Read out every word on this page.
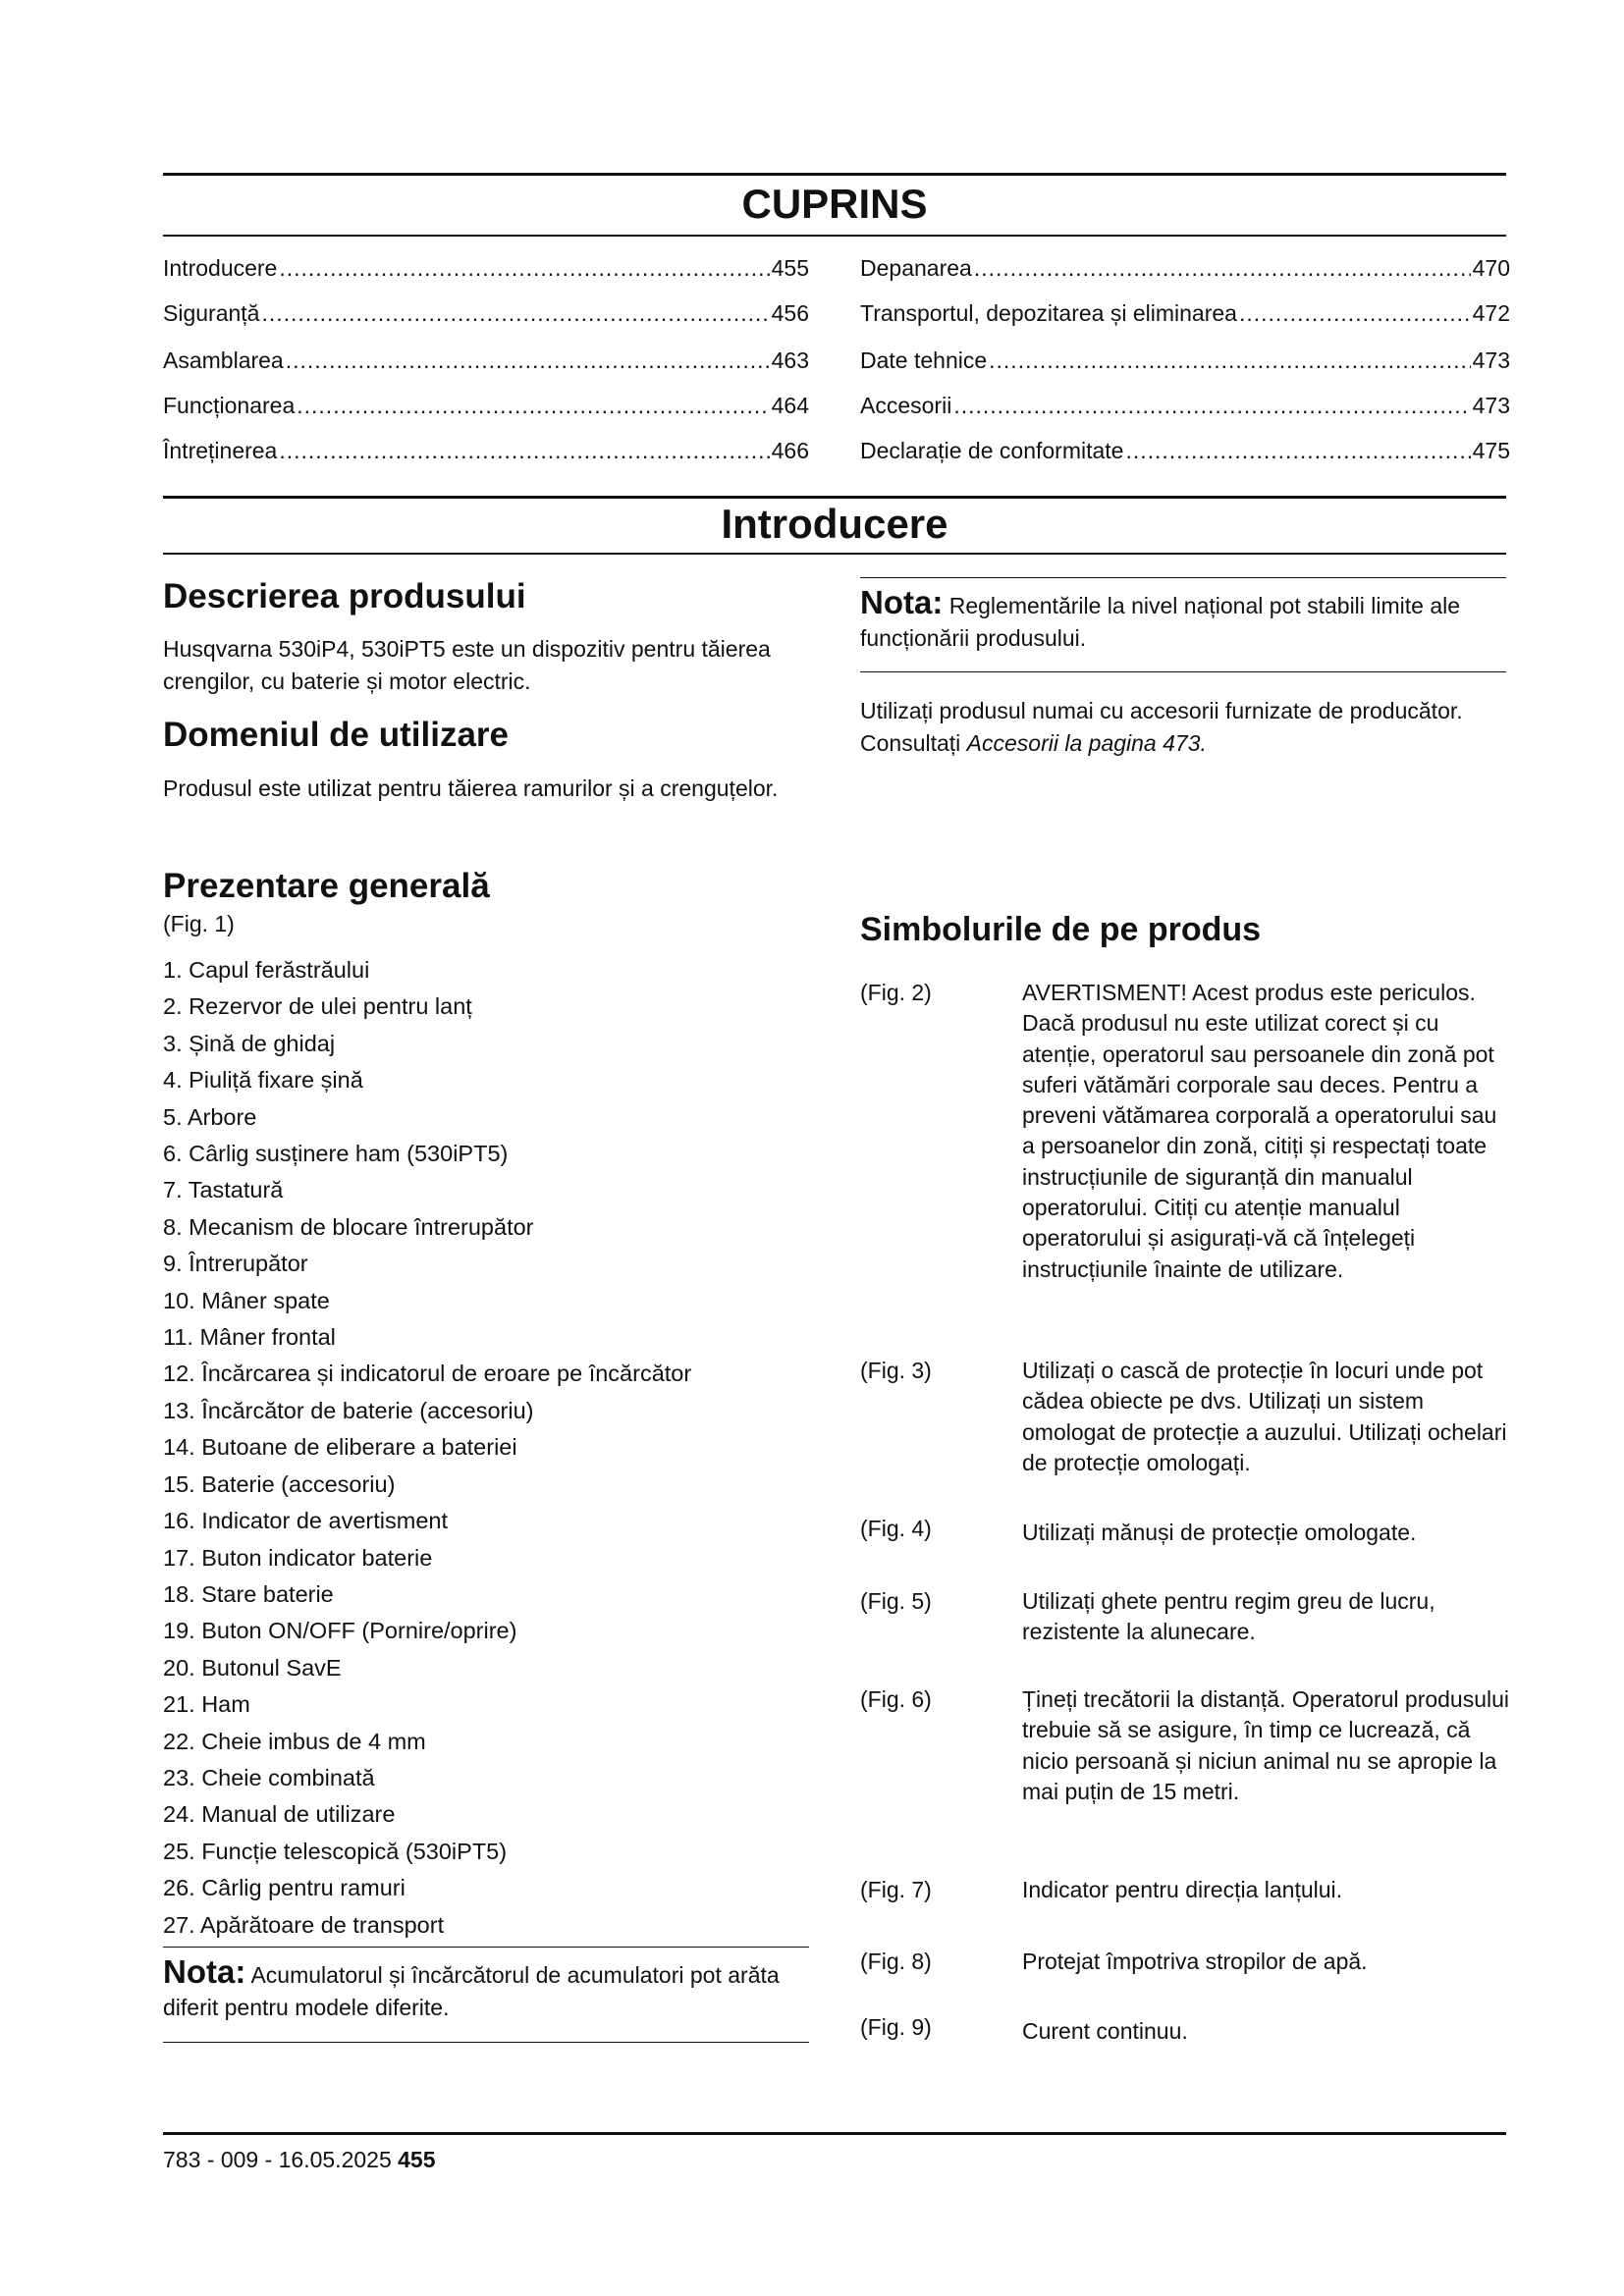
CUPRINS
Introducere .....	455
Siguranță .....	456
Asamblarea .....	463
Funcționarea .....	464
Întreținerea .....	466
Depanarea .....	470
Transportul, depozitarea și eliminarea .....	472
Date tehnice .....	473
Accesorii .....	473
Declarație de conformitate .....	475
Introducere
Descrierea produsului
Husqvarna 530iP4, 530iPT5 este un dispozitiv pentru tăierea crengilor, cu baterie și motor electric.
Domeniul de utilizare
Produsul este utilizat pentru tăierea ramurilor și a crenguțelor.
Prezentare generală
(Fig. 1)
1. Capul ferăstrăului
2. Rezervor de ulei pentru lanț
3. Șină de ghidaj
4. Piuliță fixare șină
5. Arbore
6. Cârlig susținere ham (530iPT5)
7. Tastatură
8. Mecanism de blocare întrerupător
9. Întrerupător
10. Mâner spate
11. Mâner frontal
12. Încărcarea și indicatorul de eroare pe încărcător
13. Încărcător de baterie (accesoriu)
14. Butoane de eliberare a bateriei
15. Baterie (accesoriu)
16. Indicator de avertisment
17. Buton indicator baterie
18. Stare baterie
19. Buton ON/OFF (Pornire/oprire)
20. Butonul SavE
21. Ham
22. Cheie imbus de 4 mm
23. Cheie combinată
24. Manual de utilizare
25. Funcție telescopică (530iPT5)
26. Cârlig pentru ramuri
27. Apărătoare de transport
Nota: Acumulatorul și încărcătorul de acumulatori pot arăta diferit pentru modele diferite.
Nota: Reglementările la nivel național pot stabili limite ale funcționării produsului.
Utilizați produsul numai cu accesorii furnizate de producător. Consultați Accesorii la pagina 473.
Simbolurile de pe produs
(Fig. 2)	AVERTISMENT! Acest produs este periculos. Dacă produsul nu este utilizat corect și cu atenție, operatorul sau persoanele din zonă pot suferi vătămări corporale sau deces. Pentru a preveni vătămarea corporală a operatorului sau a persoanelor din zonă, citiți și respectați toate instrucțiunile de siguranță din manualul operatorului. Citiți cu atenție manualul operatorului și asigurați-vă că înțelegeți instrucțiunile înainte de utilizare.
(Fig. 3)	Utilizați o cască de protecție în locuri unde pot cădea obiecte pe dvs. Utilizați un sistem omologat de protecție a auzului. Utilizați ochelari de protecție omologați.
(Fig. 4)	Utilizați mănuși de protecție omologate.
(Fig. 5)	Utilizați ghete pentru regim greu de lucru, rezistente la alunecare.
(Fig. 6)	Țineți trecătorii la distanță. Operatorul produsului trebuie să se asigure, în timp ce lucrează, că nicio persoană și niciun animal nu se apropie la mai puțin de 15 metri.
(Fig. 7)	Indicator pentru direcția lanțului.
(Fig. 8)	Protejat împotriva stropilor de apă.
(Fig. 9)	Curent continuu.
783 - 009 - 16.05.2025 455
